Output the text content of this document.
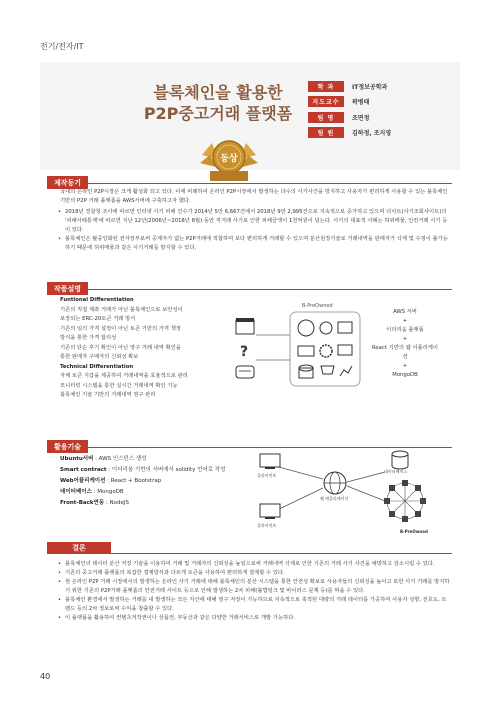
전기/전자/IT
블록체인을 활용한
P2P중고거래 플랫폼
학 과	IT정보공학과
지도교수	곽병태
팀 명	조면정
팀 원	김하정, 조지영
동상
제작동기
국내의 온라인 P2P시장은 크게 활성화 되고 있다. 이에 비례하여 온라인 P2P시장에서 발생하는 다수의 사기사건을 방지하고 사용자가 편리하게 사용할 수 있는 블록체인 기반의 P2P 거래 플랫폼을 AWS서버에 구축하고자 했다.
• 2018년 경찰청 조사에 따르면 인터넷 사기 피해 건수가 2014년 5만 6,667건에서 2018년 9만 2,995건으로 지속적으로 증가하고 있으며 더치트(사기조회사이트)의 '피해사례통계'에 따르면 지난 12년(2006년~2018년 8월) 동안 직거래 사기로 인한 피해금액이 1천억원이 넘는다. 사기의 대표적 사례는 허위매물, 인컨거래 사기 등이 있다.
• 블록체인은 탈중앙화된 전자장부로써 중계자가 없는 P2P거래에 적합하며 보다 편리하게 거래할 수 있으며 분산원장기술로 거래내역을 판매자가 삭제 및 수정이 불가능하기 때문에 허위매물과 같은 사기거래를 방지할 수 있다.
작품설명
Funtional Differentiation
기존의 직접 계좌 거래가 아닌 블록체인으로 보안성이
보장되는 ERC-20토큰 거래 방식
기존의 임의 가격 설정이 아닌 토큰 기반의 가격 책정
방식을 통한 가격 합리성
기존의 단순 후기 확인이 아닌 영구 거래 내역 확인을
통한 판매자 구매자의 신뢰성 확보
Technical Differentiation
자체 토큰 지갑을 제공하여 거래내역을 효율적으로 관리
모니터링 시스템을 통한 실시간 거래내역 확인 기능
블록체인 기술 기반의 거래내역 영구 관리
B-PreOwned
?
AWS 서버
+
이더리움 플랫폼
+
React 기반의 웹 어플리케이션
+
MongoDB
활용기술
Ubuntu서버 : AWS 인스턴스 생성
Smart contract : 이더리움 기반의 서버에서 solidity 언어로 작성
Web어플리케이션 : React + Bootstrap
데이터베이스 : MongoDB
Front-Back연동 : NodeJS
클라이언트
클라이언트
데이터베이스
웹 애플리케이션
B-PreOwned
결론
• 블록체인의 데이터 분산 저장 기술을 이용하여 거래 및 거래자의 신뢰성을 높임으로써 거래내역 삭제로 인한 기존의 거래 사기 사건을 예방하고 감소시킬 수 있다.
• 기존의 중고거래 플랫폼의 복잡한 결제방식과 다르게 토큰을 사용하여 편리하게 결제할 수 있다.
• 현 온라인 P2P 거래 시장에서의 발생하는 온라인 사기 거래에 대해 블록체인의 분산 시스템을 통한 안전성 확보로 사용자들의 신뢰성을 높이고 또한 사기 거래를 방지하기 위한 기존의 P2P거래 플랫폼의 안전거래 사이트 등으로 인해 발생하는 2차 피해(불법링크 및 바이러스 문제 등)를 막을 수 있다.
• 블록체인 환경에서 발생하는 거래를 내 발생하는 모든 자산에 대해 영구 저장이 가능하므로 지속적으로 축적된 대량의 거래 데이터를 가공하여 사용자 성향, 선호도, 트렌드 등의 2차 정보로써 수익을 창출할 수 있다.
• 이 플랫폼을 활용하여 컨텐츠저작권이나 상품권, 부동산과 같은 다양한 거래서비스로 개발 가능하다.
40
